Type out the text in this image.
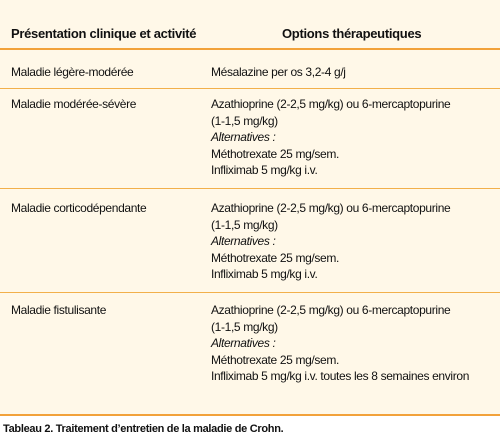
Présentation clinique et activité	Options thérapeutiques
Maladie légère-modérée	Mésalazine per os 3,2-4 g/j
Maladie modérée-sévère	Azathioprine (2-2,5 mg/kg) ou 6-mercaptopurine
(1-1,5 mg/kg)
Alternatives :
Méthotrexate 25 mg/sem.
Infliximab 5 mg/kg i.v.
Maladie corticodépendante	Azathioprine (2-2,5 mg/kg) ou 6-mercaptopurine
(1-1,5 mg/kg)
Alternatives :
Méthotrexate 25 mg/sem.
Infliximab 5 mg/kg i.v.
Maladie fistulisante	Azathioprine (2-2,5 mg/kg) ou 6-mercaptopurine
(1-1,5 mg/kg)
Alternatives :
Méthotrexate 25 mg/sem.
Infliximab 5 mg/kg i.v. toutes les 8 semaines environ
Tableau 2. Traitement d’entretien de la maladie de Crohn.
